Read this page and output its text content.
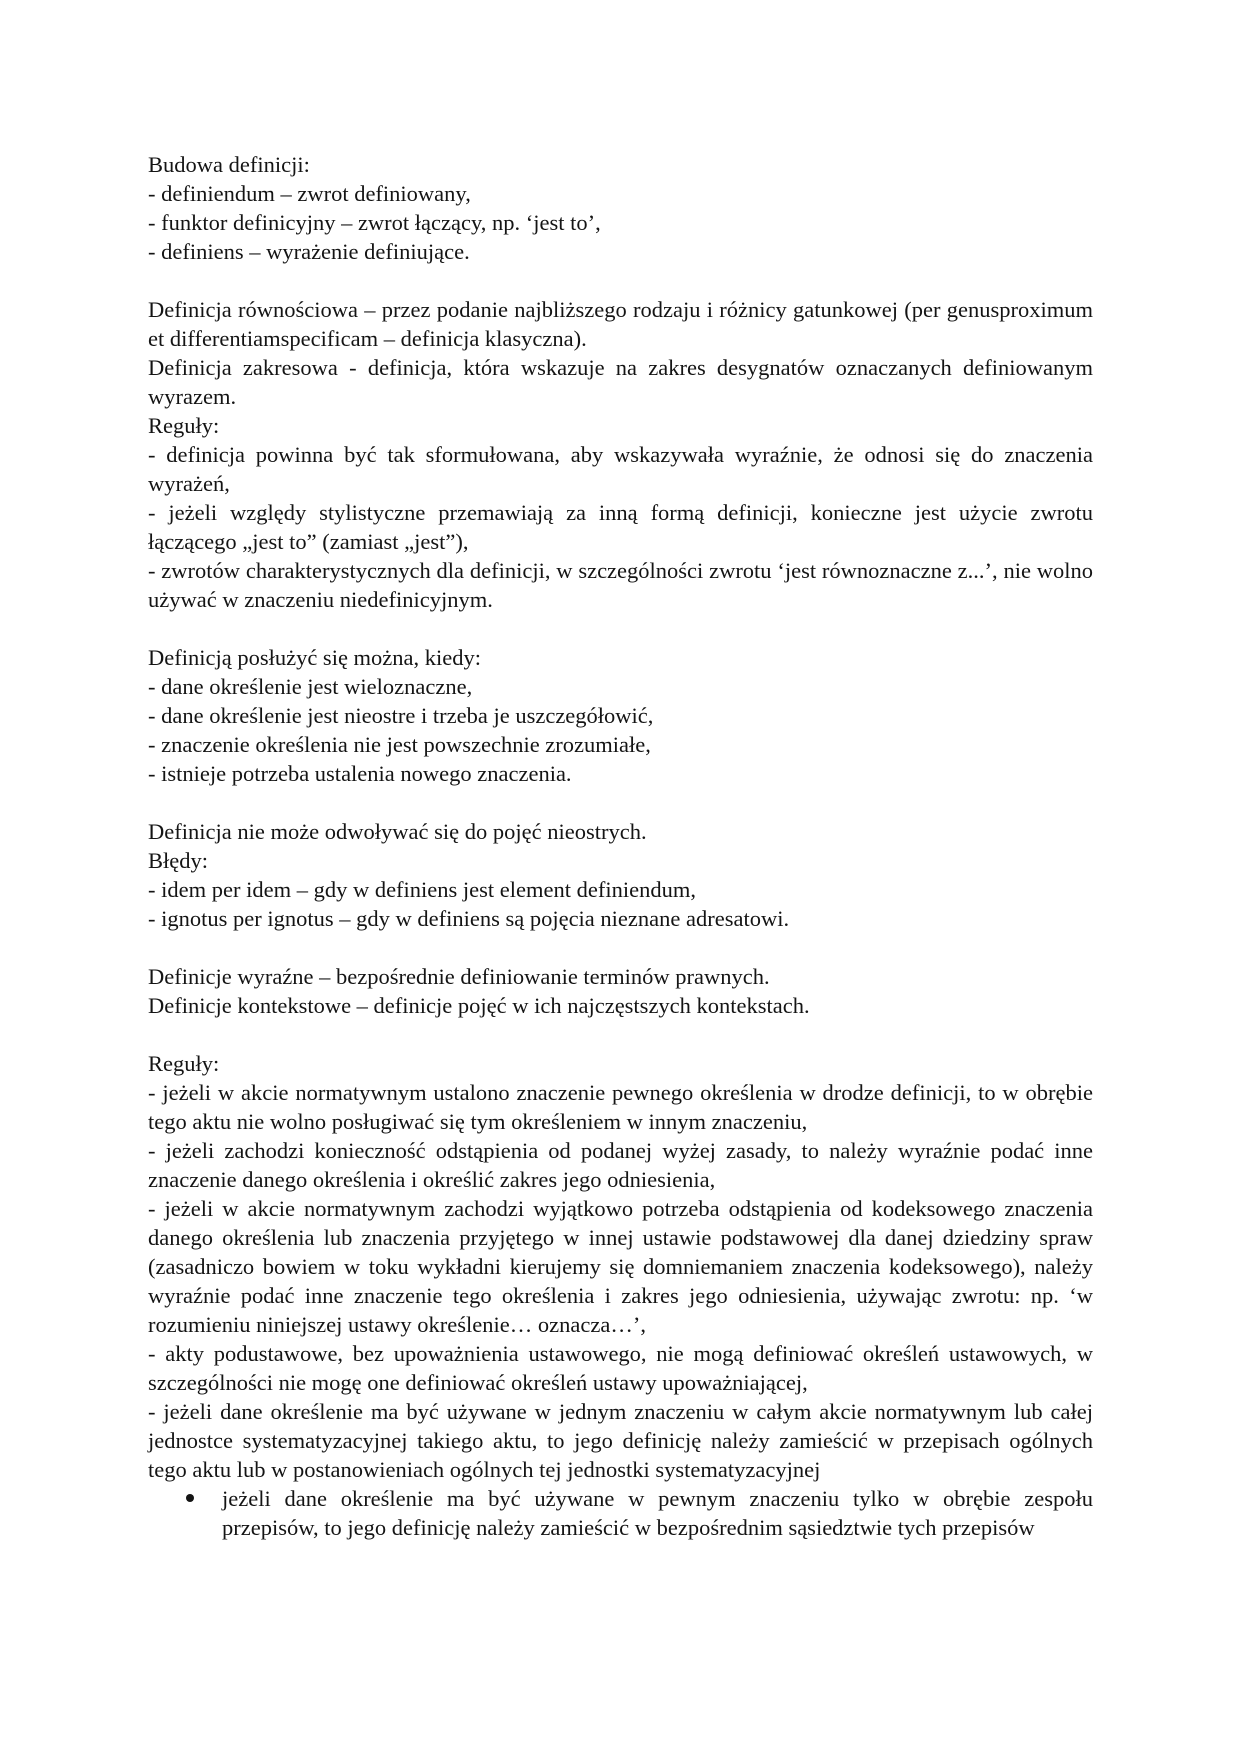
Budowa definicji:

- definiendum – zwrot definiowany,

- funktor definicyjny – zwrot łączący, np. ‘jest to’,

- definiens – wyrażenie definiujące.

Definicja równościowa – przez podanie najbliższego rodzaju i różnicy gatunkowej (per genusproximum et differentiamspecificam – definicja klasyczna).

Definicja zakresowa - definicja, która wskazuje na zakres desygnatów oznaczanych definiowanym wyrazem.

Reguły:

- definicja powinna być tak sformułowana, aby wskazywała wyraźnie, że odnosi się do znaczenia wyrażeń,

- jeżeli względy stylistyczne przemawiają za inną formą definicji, konieczne jest użycie zwrotu łączącego „jest to” (zamiast „jest”),

- zwrotów charakterystycznych dla definicji, w szczególności zwrotu ‘jest równoznaczne z...’, nie wolno używać w znaczeniu niedefinicyjnym.

Definicją posłużyć się można, kiedy:

- dane określenie jest wieloznaczne,

- dane określenie jest nieostre i trzeba je uszczegółowić,

- znaczenie określenia nie jest powszechnie zrozumiałe,

- istnieje potrzeba ustalenia nowego znaczenia.

Definicja nie może odwoływać się do pojęć nieostrych.

Błędy:

- idem per idem – gdy w definiens jest element definiendum,

- ignotus per ignotus – gdy w definiens są pojęcia nieznane adresatowi.

Definicje wyraźne – bezpośrednie definiowanie terminów prawnych.

Definicje kontekstowe – definicje pojęć w ich najczęstszych kontekstach.

Reguły:

- jeżeli w akcie normatywnym ustalono znaczenie pewnego określenia w drodze definicji, to w obrębie tego aktu nie wolno posługiwać się tym określeniem w innym znaczeniu,

- jeżeli zachodzi konieczność odstąpienia od podanej wyżej zasady, to należy wyraźnie podać inne znaczenie danego określenia i określić zakres jego odniesienia,

- jeżeli w akcie normatywnym zachodzi wyjątkowo potrzeba odstąpienia od kodeksowego znaczenia danego określenia lub znaczenia przyjętego w innej ustawie podstawowej dla danej dziedziny spraw (zasadniczo bowiem w toku wykładni kierujemy się domniemaniem znaczenia kodeksowego), należy wyraźnie podać inne znaczenie tego określenia i zakres jego odniesienia, używając zwrotu: np. ‘w rozumieniu niniejszej ustawy określenie… oznacza…’,

- akty podustawowe, bez upoważnienia ustawowego, nie mogą definiować określeń ustawowych, w szczególności nie mogę one definiować określeń ustawy upoważniającej,

- jeżeli dane określenie ma być używane w jednym znaczeniu w całym akcie normatywnym lub całej jednostce systematyzacyjnej takiego aktu, to jego definicję należy zamieścić w przepisach ogólnych tego aktu lub w postanowieniach ogólnych tej jednostki systematyzacyjnej

jeżeli dane określenie ma być używane w pewnym znaczeniu tylko w obrębie zespołu przepisów, to jego definicję należy zamieścić w bezpośrednim sąsiedztwie tych przepisów
